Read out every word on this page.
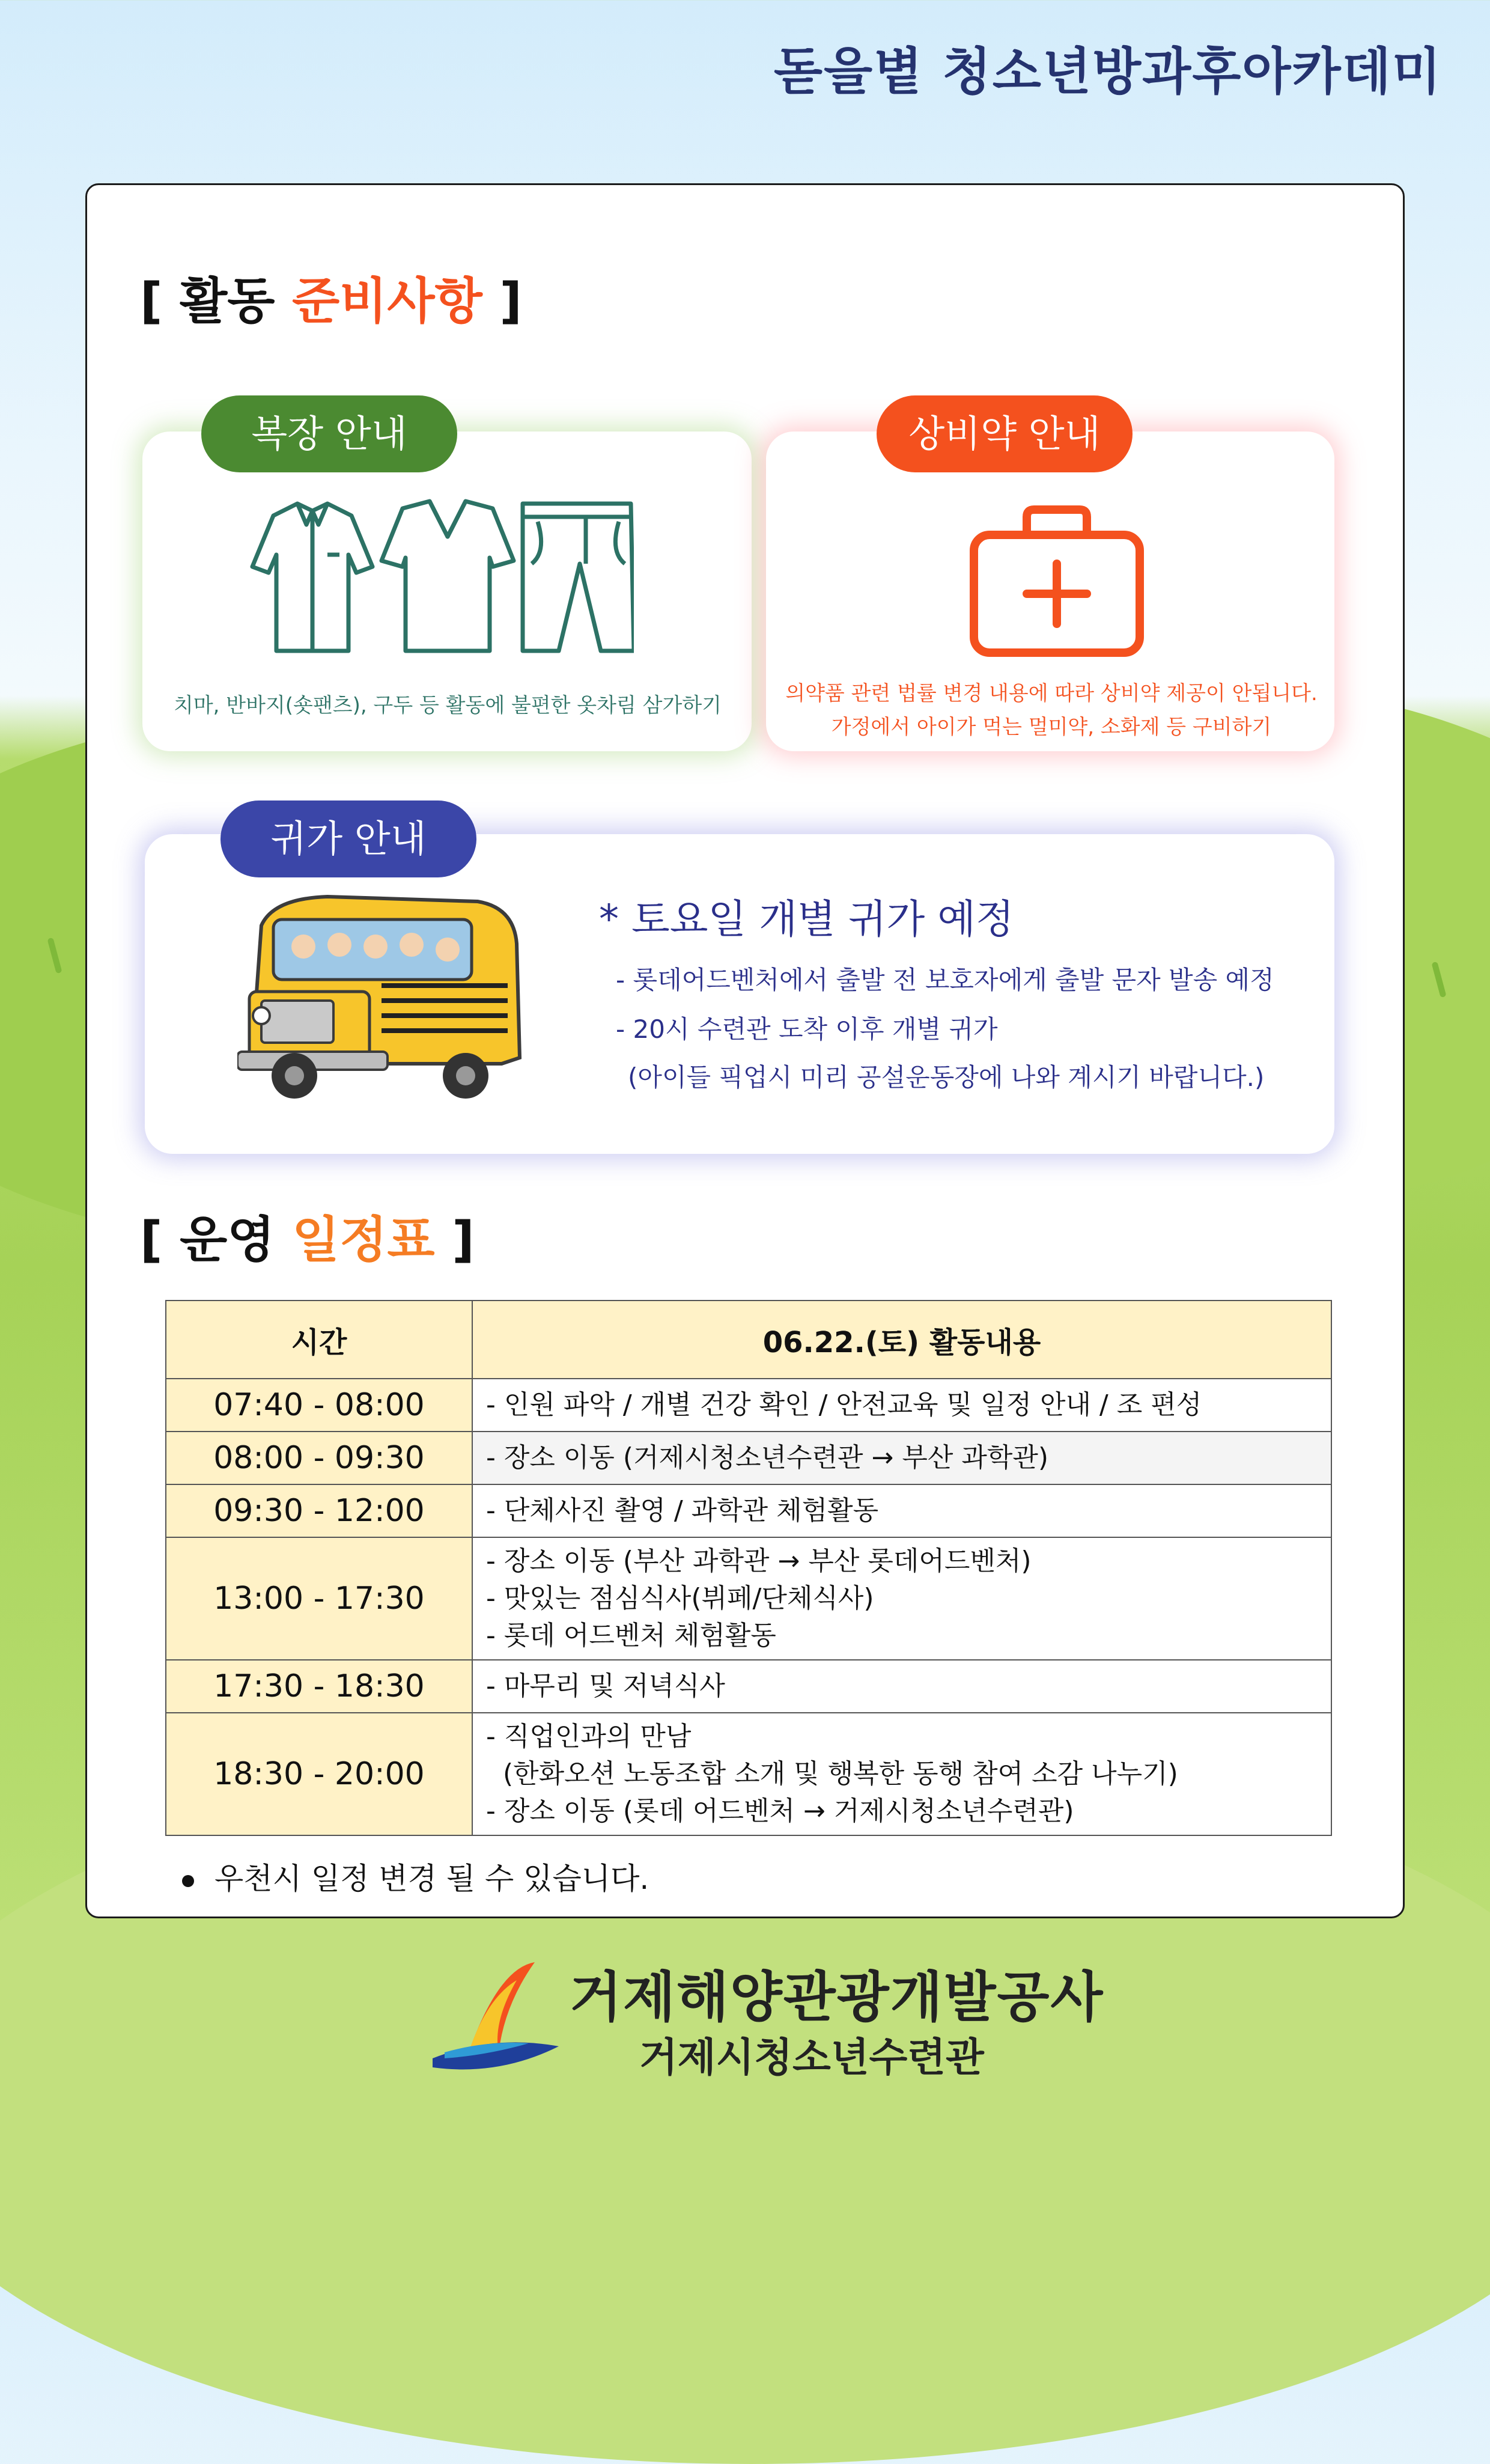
돋을볕 청소년방과후아카데미
[ 활동 준비사항 ]
복장 안내
치마, 반바지(숏팬츠), 구두 등 활동에 불편한 옷차림 삼가하기
상비약 안내
의약품 관련 법률 변경 내용에 따라 상비약 제공이 안됩니다.
가정에서 아이가 먹는 멀미약, 소화제 등 구비하기
귀가 안내
* 토요일 개별 귀가 예정
- 롯데어드벤처에서 출발 전 보호자에게 출발 문자 발송 예정
- 20시 수련관 도착 이후 개별 귀가
(아이들 픽업시 미리 공설운동장에 나와 계시기 바랍니다.)
[ 운영 일정표 ]
시간	06.22.(토) 활동내용
07:40 - 08:00	- 인원 파악 / 개별 건강 확인 / 안전교육 및 일정 안내 / 조 편성

08:00 - 09:30	- 장소 이동 (거제시청소년수련관 → 부산 과학관)

09:30 - 12:00	- 단체사진 촬영 / 과학관 체험활동

13:00 - 17:30	- 장소 이동 (부산 과학관 → 부산 롯데어드벤처)
- 맛있는 점심식사(뷔페/단체식사)
- 롯데 어드벤처 체험활동

17:30 - 18:30	- 마무리 및 저녁식사

18:30 - 20:00	- 직업인과의 만남
(한화오션 노동조합 소개 및 행복한 동행 참여 소감 나누기)
- 장소 이동 (롯데 어드벤처 → 거제시청소년수련관)
우천시 일정 변경 될 수 있습니다.
거제해양관광개발공사
거제시청소년수련관
